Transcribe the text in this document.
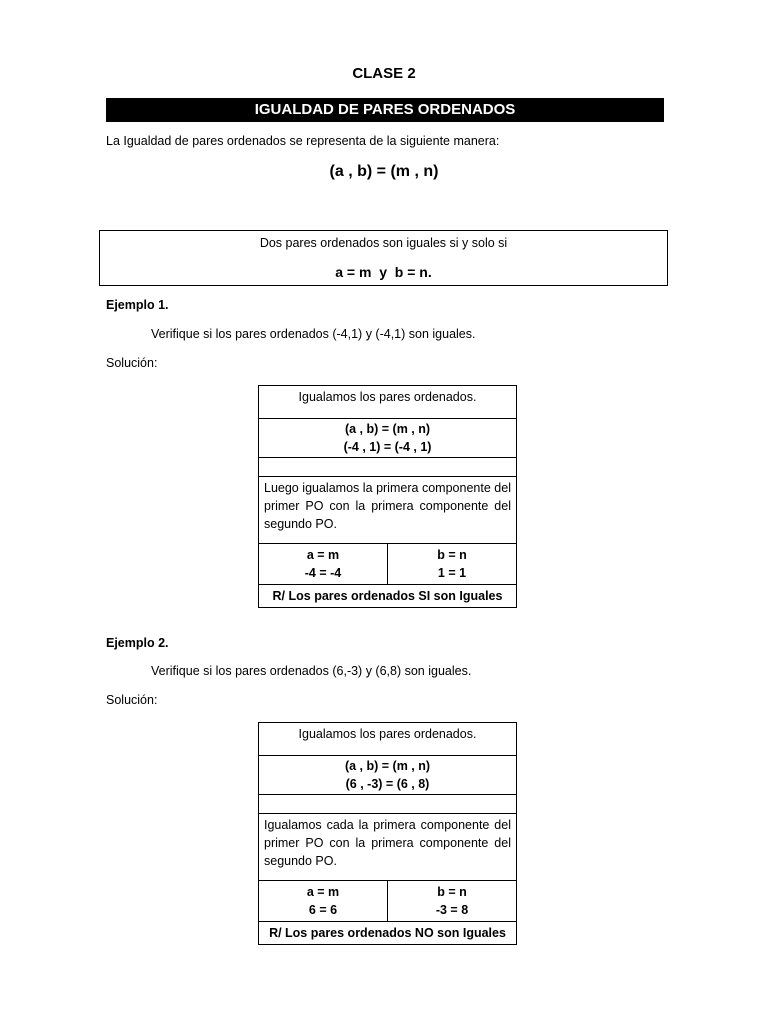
CLASE 2
IGUALDAD DE PARES ORDENADOS
La Igualdad de pares ordenados se representa de la siguiente manera:
(a , b) = (m , n)
Dos pares ordenados son iguales si y solo si
a = m  y  b = n.
Ejemplo 1.
Verifique si los pares ordenados (-4,1) y (-4,1) son iguales.
Solución:
Igualamos los pares ordenados.

(a , b) = (m , n)
(-4 , 1) = (-4 , 1)

Luego igualamos la primera componente del primer PO con la primera componente del segundo PO.

a = m
-4 = -4

b = n
1 = 1

R/ Los pares ordenados SI son Iguales
Ejemplo 2.
Verifique si los pares ordenados (6,-3) y (6,8) son iguales.
Solución:
Igualamos los pares ordenados.

(a , b) = (m , n)
(6 , -3) = (6 , 8)

Igualamos cada la primera componente del primer PO con la primera componente del segundo PO.

a = m
6 = 6

b = n
-3 = 8

R/ Los pares ordenados NO son Iguales
